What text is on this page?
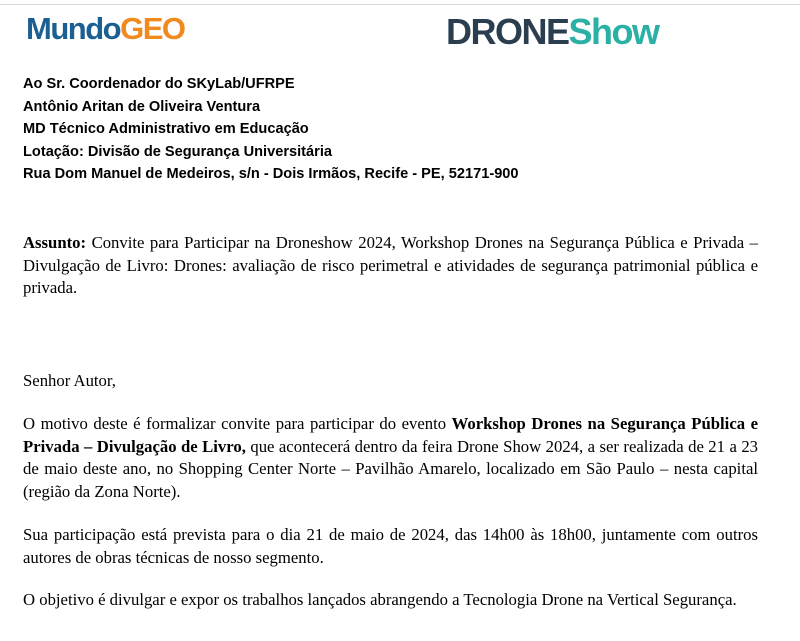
MundoGEO	DRONEShow
Ao Sr. Coordenador do SKyLab/UFRPE
Antônio Aritan de Oliveira Ventura
MD Técnico Administrativo em Educação
Lotação: Divisão de Segurança Universitária
Rua Dom Manuel de Medeiros, s/n - Dois Irmãos, Recife - PE, 52171-900
Assunto: Convite para Participar na Droneshow 2024, Workshop Drones na Segurança Pública e Privada – Divulgação de Livro: Drones: avaliação de risco perimetral e atividades de segurança patrimonial pública e privada.
Senhor Autor,
O motivo deste é formalizar convite para participar do evento Workshop Drones na Segurança Pública e Privada – Divulgação de Livro, que acontecerá dentro da feira Drone Show 2024, a ser realizada de 21 a 23 de maio deste ano, no Shopping Center Norte – Pavilhão Amarelo, localizado em São Paulo – nesta capital (região da Zona Norte).
Sua participação está prevista para o dia 21 de maio de 2024, das 14h00 às 18h00, juntamente com outros autores de obras técnicas de nosso segmento.
O objetivo é divulgar e expor os trabalhos lançados abrangendo a Tecnologia Drone na Vertical Segurança.
